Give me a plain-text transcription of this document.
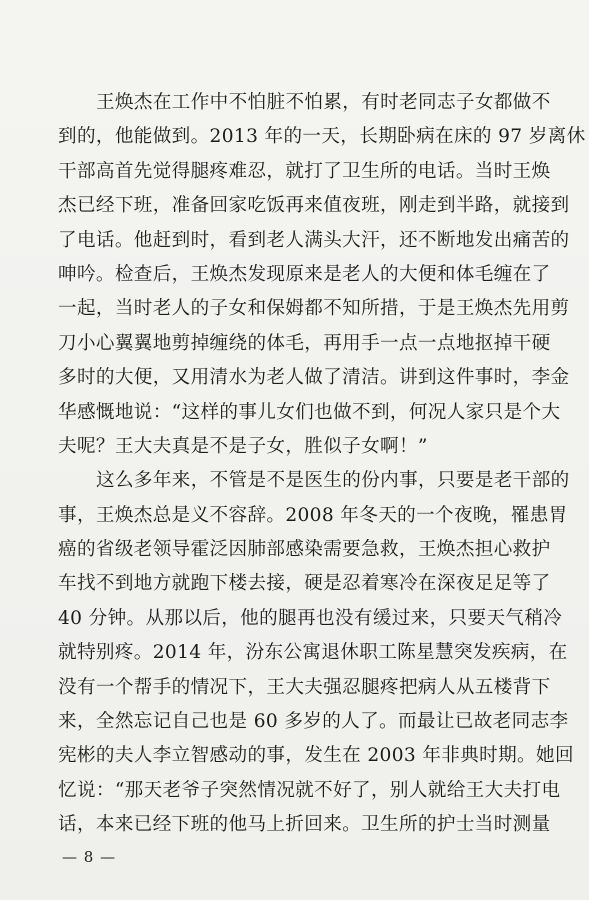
王焕杰在工作中不怕脏不怕累，有时老同志子女都做不
到的，他能做到。2013 年的一天，长期卧病在床的 97 岁离休
干部高首先觉得腿疼难忍，就打了卫生所的电话。当时王焕
杰已经下班，准备回家吃饭再来值夜班，刚走到半路，就接到
了电话。他赶到时，看到老人满头大汗，还不断地发出痛苦的
呻吟。检查后，王焕杰发现原来是老人的大便和体毛缠在了
一起，当时老人的子女和保姆都不知所措，于是王焕杰先用剪
刀小心翼翼地剪掉缠绕的体毛，再用手一点一点地抠掉干硬
多时的大便，又用清水为老人做了清洁。讲到这件事时，李金
华感慨地说：“这样的事儿女们也做不到，何况人家只是个大
夫呢？王大夫真是不是子女，胜似子女啊！”
这么多年来，不管是不是医生的份内事，只要是老干部的
事，王焕杰总是义不容辞。2008 年冬天的一个夜晚，罹患胃
癌的省级老领导霍泛因肺部感染需要急救，王焕杰担心救护
车找不到地方就跑下楼去接，硬是忍着寒冷在深夜足足等了
40 分钟。从那以后，他的腿再也没有缓过来，只要天气稍冷
就特别疼。2014 年，汾东公寓退休职工陈星慧突发疾病，在
没有一个帮手的情况下，王大夫强忍腿疼把病人从五楼背下
来，全然忘记自己也是 60 多岁的人了。而最让已故老同志李
宪彬的夫人李立智感动的事，发生在 2003 年非典时期。她回
忆说：“那天老爷子突然情况就不好了，别人就给王大夫打电
话，本来已经下班的他马上折回来。卫生所的护士当时测量
— 8 —
